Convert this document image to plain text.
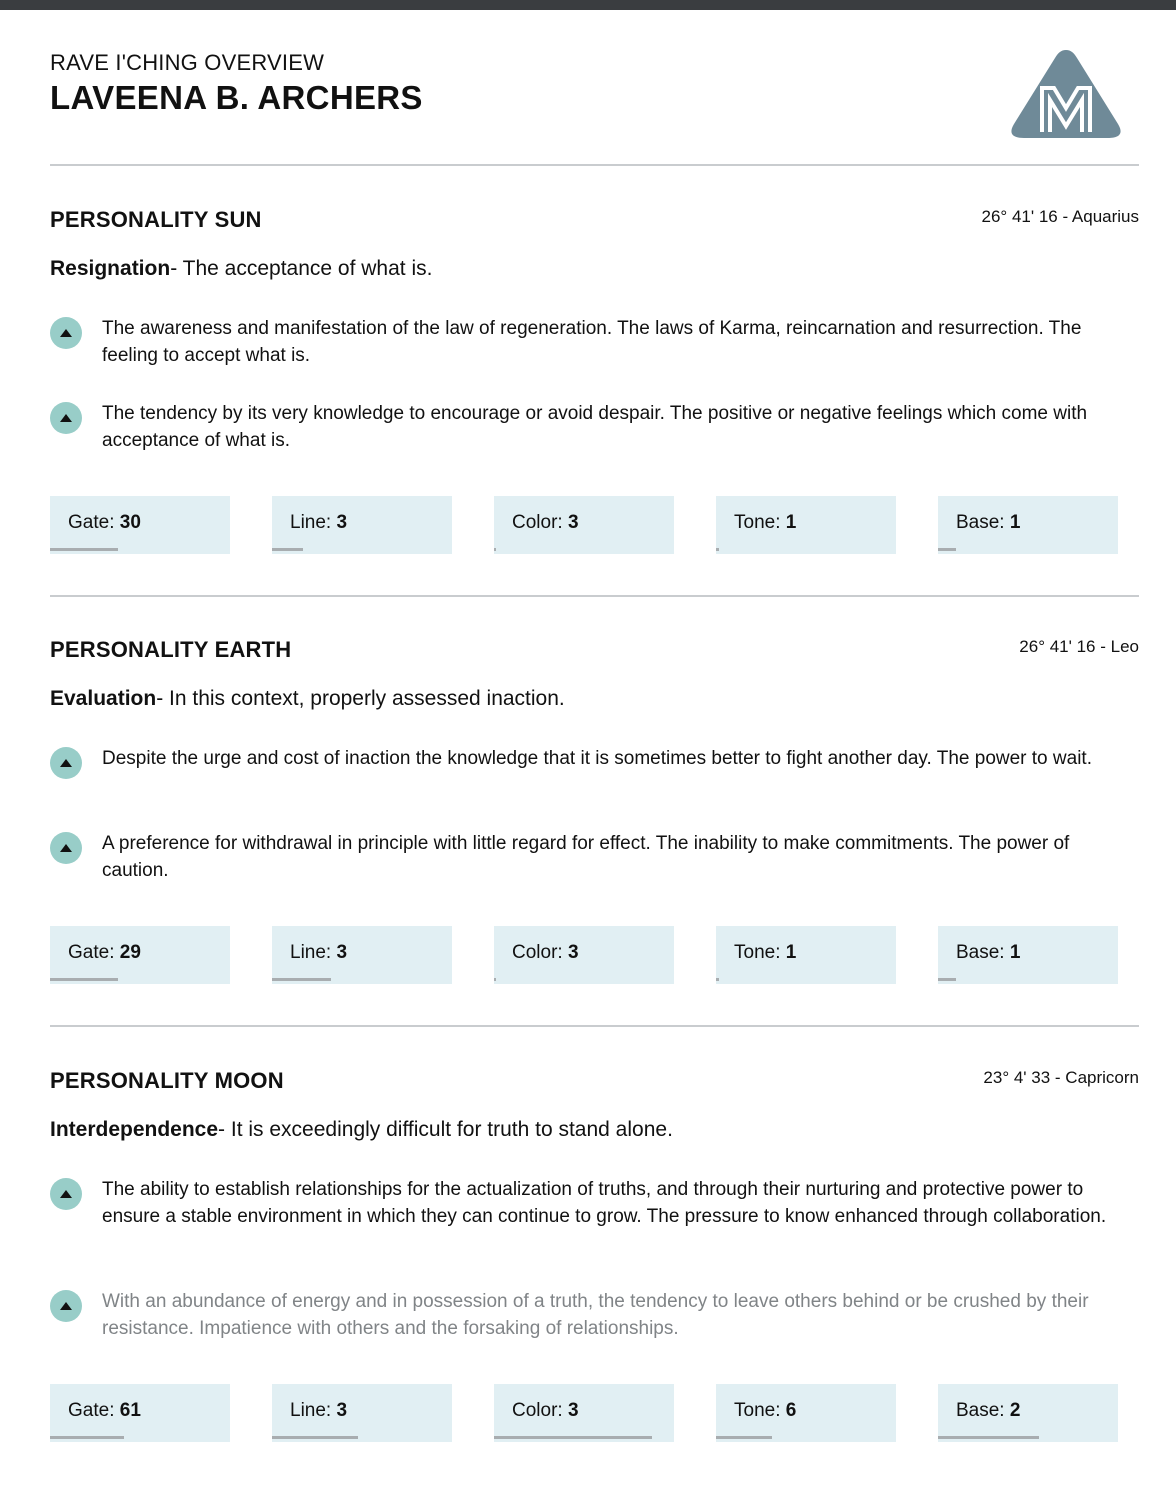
RAVE I'CHING OVERVIEW
LAVEENA B. ARCHERS
PERSONALITY SUN	26° 41' 16 - Aquarius
Resignation- The acceptance of what is.
The awareness and manifestation of the law of regeneration. The laws of Karma, reincarnation and resurrection. The feeling to accept what is.
The tendency by its very knowledge to encourage or avoid despair. The positive or negative feelings which come with acceptance of what is.
Gate: 30	Line: 3	Color: 3	Tone: 1	Base: 1
PERSONALITY EARTH	26° 41' 16 - Leo
Evaluation- In this context, properly assessed inaction.
Despite the urge and cost of inaction the knowledge that it is sometimes better to fight another day. The power to wait.
A preference for withdrawal in principle with little regard for effect. The inability to make commitments. The power of caution.
Gate: 29	Line: 3	Color: 3	Tone: 1	Base: 1
PERSONALITY MOON	23° 4' 33 - Capricorn
Interdependence- It is exceedingly difficult for truth to stand alone.
The ability to establish relationships for the actualization of truths, and through their nurturing and protective power to ensure a stable environment in which they can continue to grow. The pressure to know enhanced through collaboration.
With an abundance of energy and in possession of a truth, the tendency to leave others behind or be crushed by their resistance. Impatience with others and the forsaking of relationships.
Gate: 61	Line: 3	Color: 3	Tone: 6	Base: 2
